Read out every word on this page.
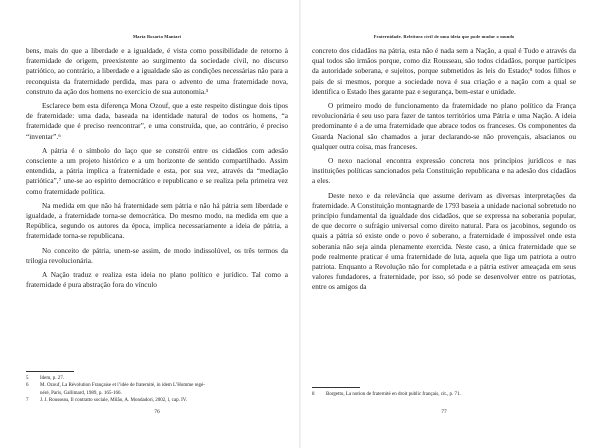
Maria Rosaria Maniari

bens, mais do que a liberdade e a igualdade, é vista como possibilidade de retorno à fraternidade de origem, preexistente ao surgimento da sociedade civil, no discurso patriótico, ao contrário, a liberdade e a igualdade são as condições necessárias não para a reconquista da fraternidade perdida, mas para o advento de uma fraternidade nova, construto da ação dos homens no exercício de sua autonomia.⁵

Esclarece bem esta diferença Mona Ozouf, que a este respeito distingue dois tipos de fraternidade: uma dada, baseada na identidade natural de todos os homens, “a fraternidade que é preciso reencontrar”, e uma construída, que, ao contrário, é preciso “inventar”.⁶

A pátria é o símbolo do laço que se constrói entre os cidadãos com adesão consciente a um projeto histórico e a um horizonte de sentido compartilhado. Assim entendida, a pátria implica a fraternidade e esta, por sua vez, através da “mediação patriótica”,⁷ une-se ao espírito democrático e republicano e se realiza pela primeira vez como fraternidade política.

Na medida em que não há fraternidade sem pátria e não há pátria sem liberdade e igualdade, a fraternidade torna-se democrática. Do mesmo modo, na medida em que a República, segundo os autores da época, implica necessariamente a ideia de pátria, a fraternidade torna-se republicana.

No conceito de pátria, unem-se assim, de modo indissolúvel, os três termos da trilogia revolucionária.

A Nação traduz e realiza esta ideia no plano político e jurídico. Tal como a fraternidade é pura abstração fora do vínculo

5 Idem, p. 27.
6 M. Ozouf, La Révolution Française et l’idée de fraternité, in idem L’Homme regé-
néré, Paris, Gallimard, 1989, p. 165-166.
7 J. J. Rousseau, Il contratto sociale, Milão, A. Mondadori, 2002, l, cap. IV.
76
Fraternidade. Releitura civil de uma ideia que pode mudar o mundo

concreto dos cidadãos na pátria, esta não é nada sem a Nação, a qual é Tudo e através da qual todos são irmãos porque, como diz Rousseau, são todos cidadãos, porque partícipes da autoridade soberana, e sujeitos, porque submetidos às leis do Estado;⁸ todos filhos e pais de si mesmos, porque a sociedade nova é sua criação e a nação com a qual se identifica o Estado lhes garante paz e segurança, bem-estar e unidade.

O primeiro modo de funcionamento da fraternidade no plano político da França revolucionária é seu uso para fazer de tantos territórios uma Pátria e uma Nação. A ideia predominante é a de uma fraternidade que abrace todos os franceses. Os componentes da Guarda Nacional são chamados a jurar declarando-se não provençais, alsacianos ou qualquer outra coisa, mas franceses.

O nexo nacional encontra expressão concreta nos princípios jurídicos e nas instituições políticas sancionados pela Constituição republicana e na adesão dos cidadãos a eles.

Deste nexo e da relevância que assume derivam as diversas interpretações da fraternidade. A Constituição montagnarde de 1793 baseia a unidade nacional sobretudo no princípio fundamental da igualdade dos cidadãos, que se expressa na soberania popular, de que decorre o sufrágio universal como direito natural. Para os jacobinos, segundo os quais a pátria só existe onde o povo é soberano, a fraternidade é impossível onde esta soberania não seja ainda plenamente exercida. Neste caso, a única fraternidade que se pode realmente praticar é uma fraternidade de luta, aquela que liga um patriota a outro patriota. Enquanto a Revolução não for completada e a pátria estiver ameaçada em seus valores fundadores, a fraternidade, por isso, só pode se desenvolver entre os patriotas, entre os amigos da

8 Borgetto, La notion de fraternité en droit public français, cit., p. 71.
77
